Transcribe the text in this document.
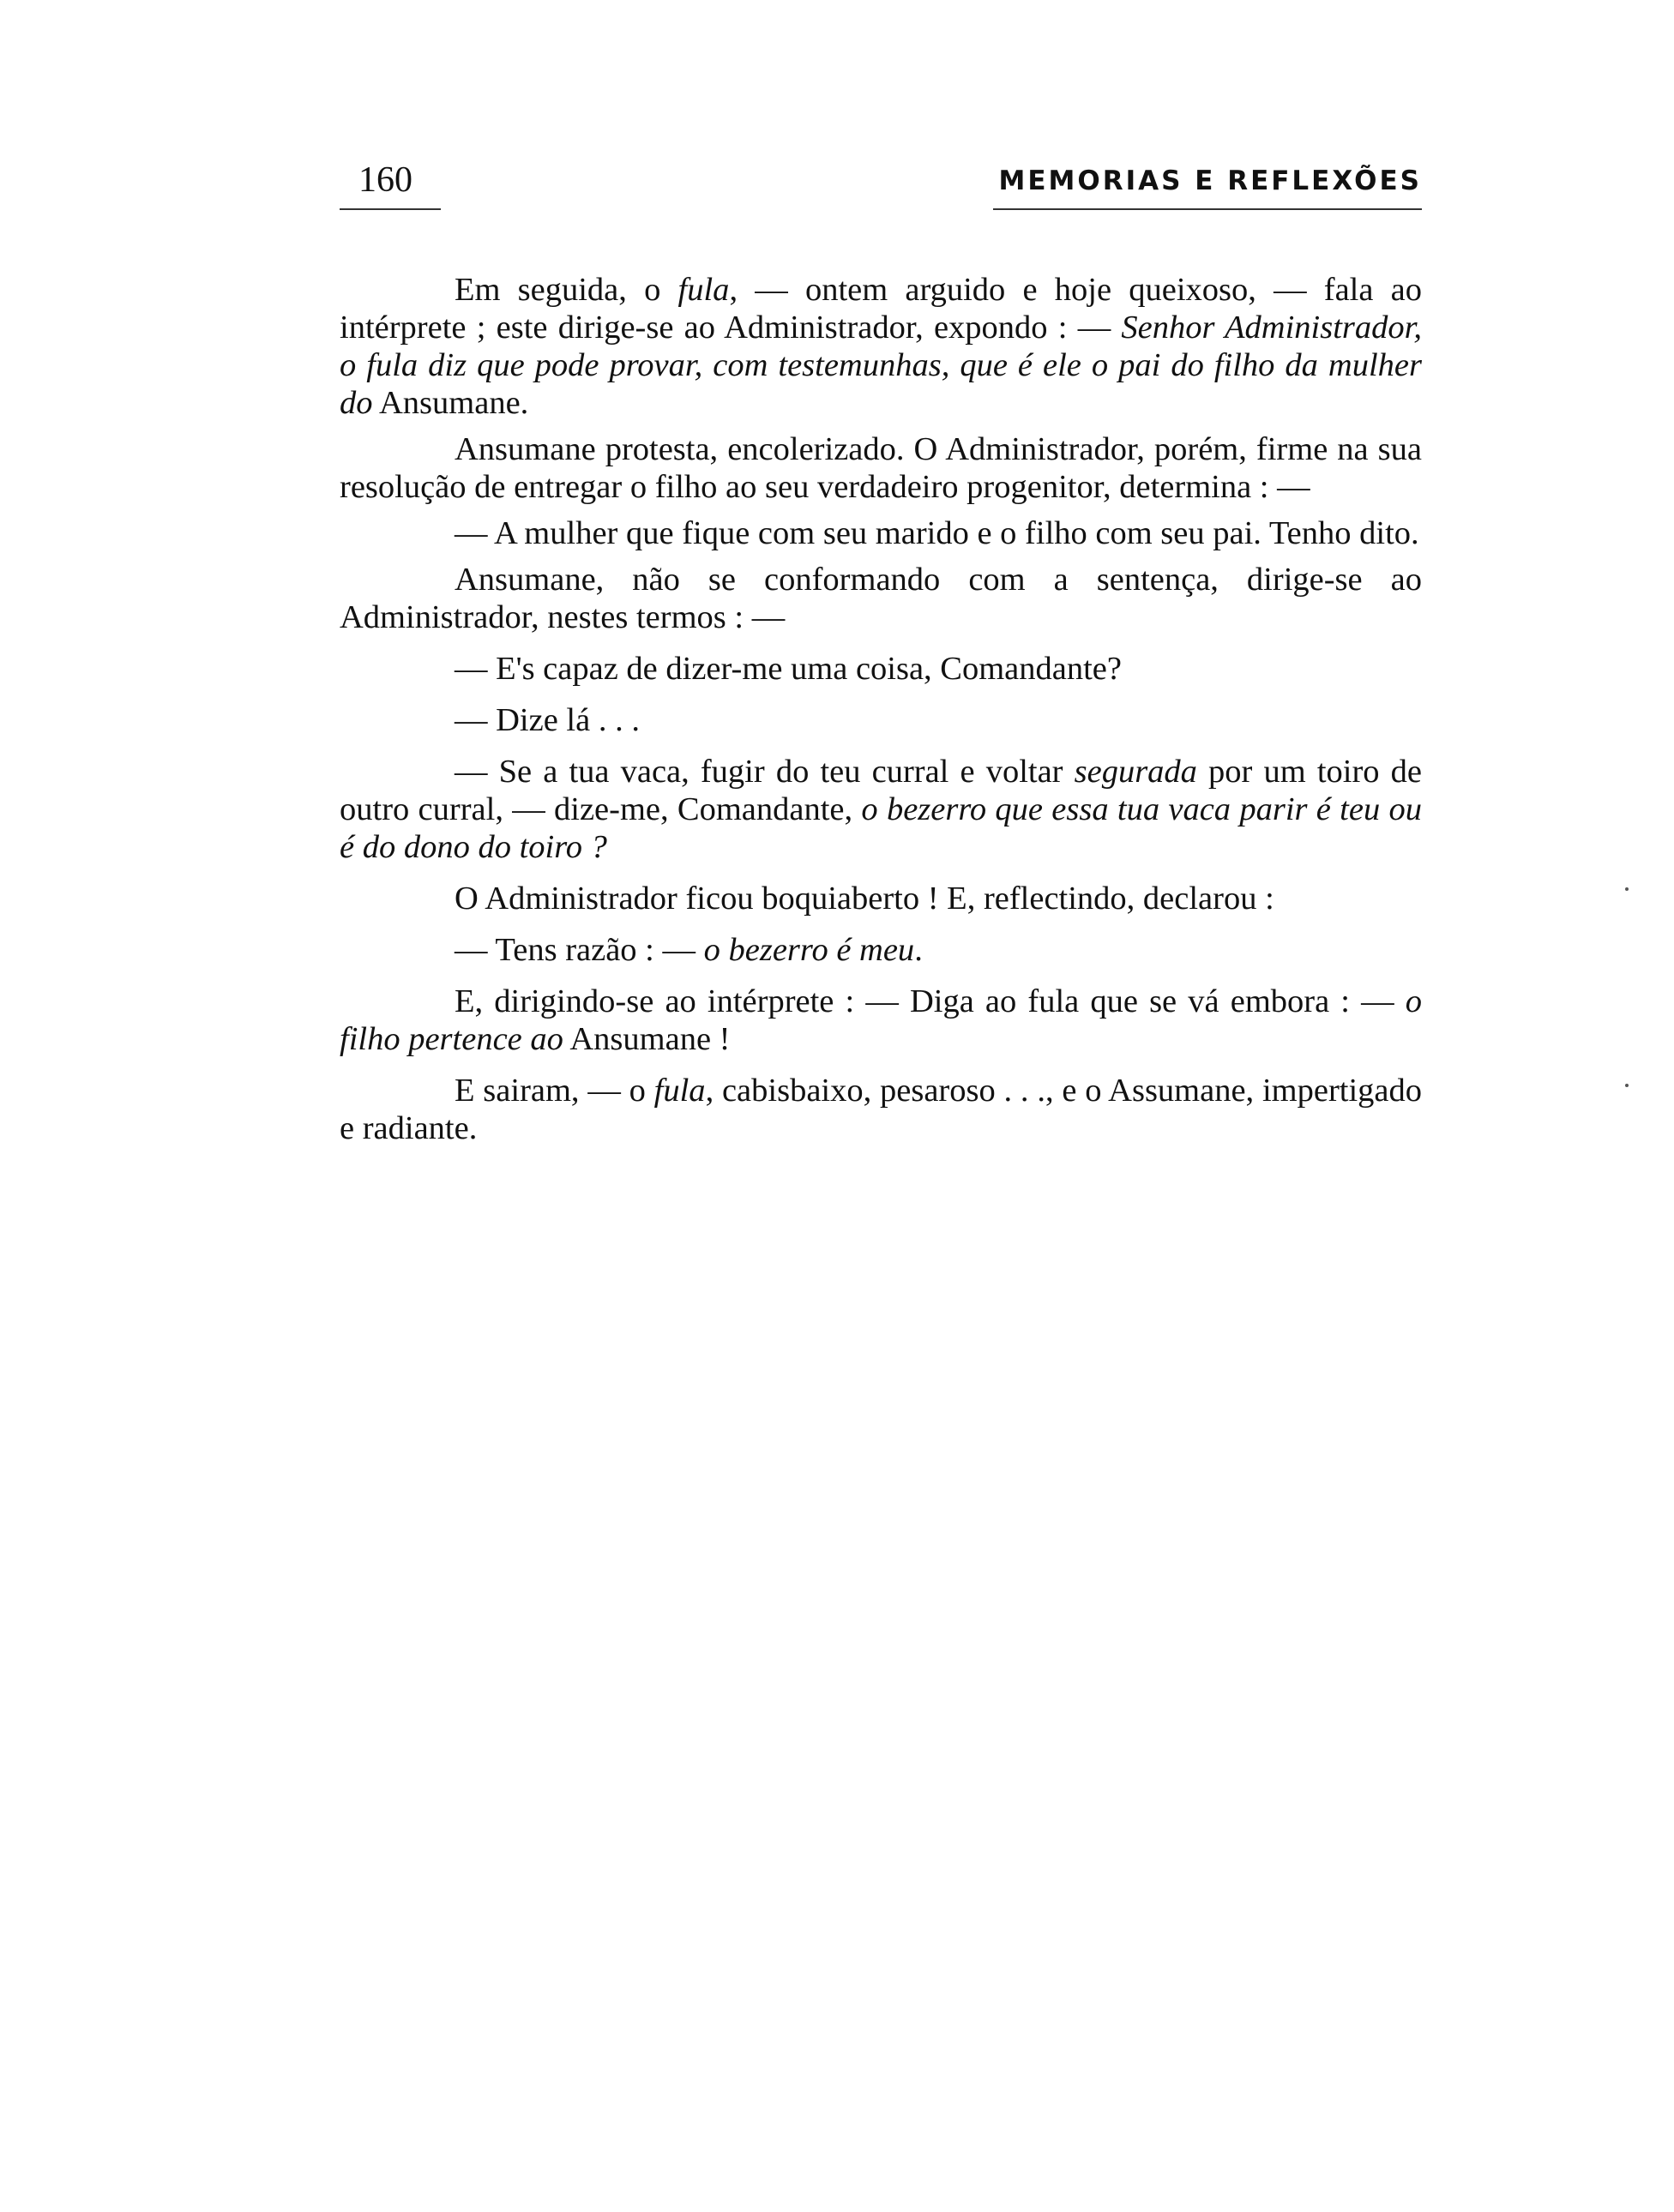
160	MEMORIAS E REFLEXÕES

Em seguida, o fula, — ontem arguido e hoje queixoso, — fala ao intérprete ; este dirige-se ao Administrador, expondo : — Senhor Administrador, o fula diz que pode provar, com testemunhas, que é ele o pai do filho da mulher do Ansumane.

Ansumane protesta, encolerizado. O Administrador, porém, firme na sua resolução de entregar o filho ao seu verdadeiro progenitor, determina : —

— A mulher que fique com seu marido e o filho com seu pai. Tenho dito.

Ansumane, não se conformando com a sentença, dirige-se ao Administrador, nestes termos : —

— E's capaz de dizer-me uma coisa, Comandante?

— Dize lá . . .

— Se a tua vaca, fugir do teu curral e voltar segurada por um toiro de outro curral, — dize-me, Comandante, o bezerro que essa tua vaca parir é teu ou é do dono do toiro ?

O Administrador ficou boquiaberto ! E, reflectindo, declarou :

— Tens razão : — o bezerro é meu.

E, dirigindo-se ao intérprete : — Diga ao fula que se vá embora : — o filho pertence ao Ansumane !

E sairam, — o fula, cabisbaixo, pesaroso . . ., e o Assumane, impertigado e radiante.
